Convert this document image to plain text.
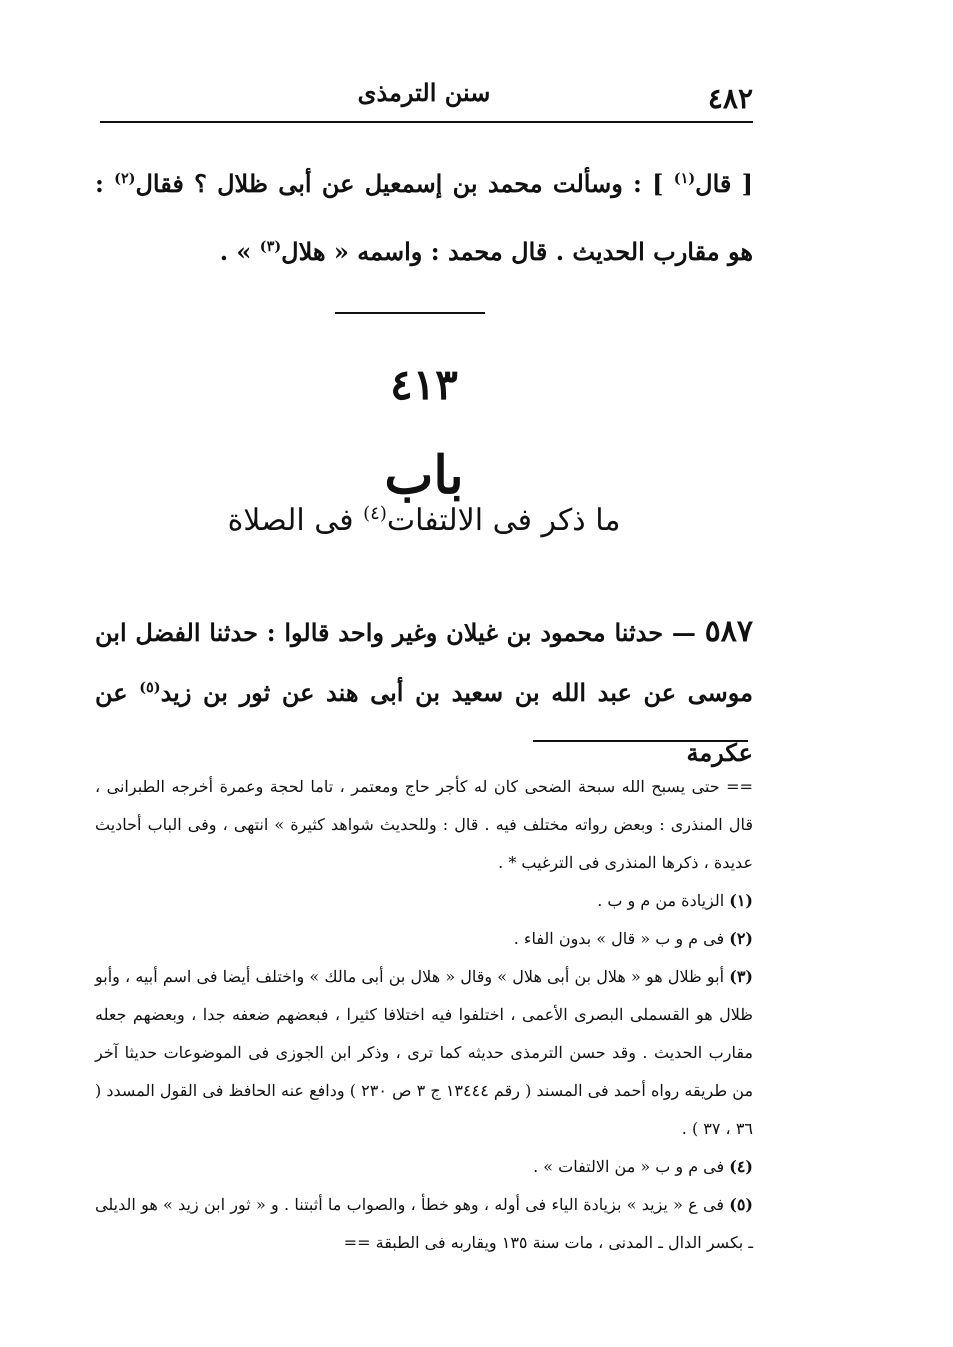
٤٨٢
سنن الترمذى
[ قال$^{(١)}$ ] : وسألت محمد بن إسمعيل عن أبى ظلال ؟ فقال$^{(٢)}$ : هو مقارب الحديث . قال محمد : واسمه « هلال$^{(٣)}$ » .
٤١٣
باب
ما ذكر فى الالتفات$^{(٤)}$ فى الصلاة
٥٨٧ — حدثنا محمود بن غيلان وغير واحد قالوا : حدثنا الفضل ابن موسى عن عبد الله بن سعيد بن أبى هند عن ثور بن زيد$^{(٥)}$ عن عكرمة

== حتى يسبح الله سبحة الضحى كان له كأجر حاج ومعتمر ، تاما لحجة وعمرة أخرجه الطبرانى ، قال المنذرى : وبعض رواته مختلف فيه . قال : وللحديث شواهد كثيرة » انتهى ، وفى الباب أحاديث عديدة ، ذكرها المنذرى فى الترغيب * .

(١) الزيادة من م و ب .

(٢) فى م و ب « قال » بدون الفاء .

(٣) أبو ظلال هو « هلال بن أبى هلال » وقال « هلال بن أبى مالك » واختلف أيضا فى اسم أبيه ، وأبو ظلال هو القسملى البصرى الأعمى ، اختلفوا فيه اختلافا كثيرا ، فبعضهم ضعفه جدا ، وبعضهم جعله مقارب الحديث . وقد حسن الترمذى حديثه كما ترى ، وذكر ابن الجوزى فى الموضوعات حديثا آخر من طريقه رواه أحمد فى المسند ( رقم ١٣٤٤٤ ج ٣ ص ٢٣٠ ) ودافع عنه الحافظ فى القول المسدد ( ٣٦ ، ٣٧ ) .

(٤) فى م و ب « من الالتفات » .

(٥) فى ع « يزيد » بزيادة الياء فى أوله ، وهو خطأ ، والصواب ما أثبتنا . و « ثور ابن زيد » هو الديلى ـ بكسر الدال ـ المدنى ، مات سنة ١٣٥ ويقاربه فى الطبقة ==
